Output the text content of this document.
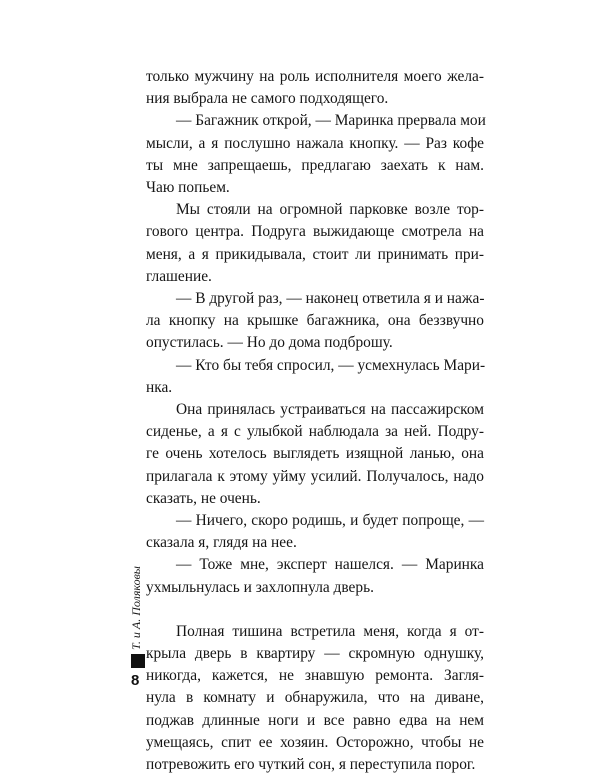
только мужчину на роль исполнителя моего жела-
ния выбрала не самого подходящего.
— Багажник открой, — Маринка прервала мои
мысли, а я послушно нажала кнопку. — Раз кофе
ты мне запрещаешь, предлагаю заехать к нам.
Чаю попьем.
Мы стояли на огромной парковке возле тор-
гового центра. Подруга выжидающе смотрела на
меня, а я прикидывала, стоит ли принимать при-
глашение.
— В другой раз, — наконец ответила я и нажа-
ла кнопку на крышке багажника, она беззвучно
опустилась. — Но до дома подброшу.
— Кто бы тебя спросил, — усмехнулась Мари-
нка.
Она принялась устраиваться на пассажирском
сиденье, а я с улыбкой наблюдала за ней. Подру-
ге очень хотелось выглядеть изящной ланью, она
прилагала к этому уйму усилий. Получалось, надо
сказать, не очень.
— Ничего, скоро родишь, и будет попроще, —
сказала я, глядя на нее.
— Тоже мне, эксперт нашелся. — Маринка
ухмыльнулась и захлопнула дверь.
Полная тишина встретила меня, когда я от-
крыла дверь в квартиру — скромную однушку,
никогда, кажется, не знавшую ремонта. Загля-
нула в комнату и обнаружила, что на диване,
поджав длинные ноги и все равно едва на нем
умещаясь, спит ее хозяин. Осторожно, чтобы не
потревожить его чуткий сон, я переступила порог.
Т. и А. Поляковы
8
